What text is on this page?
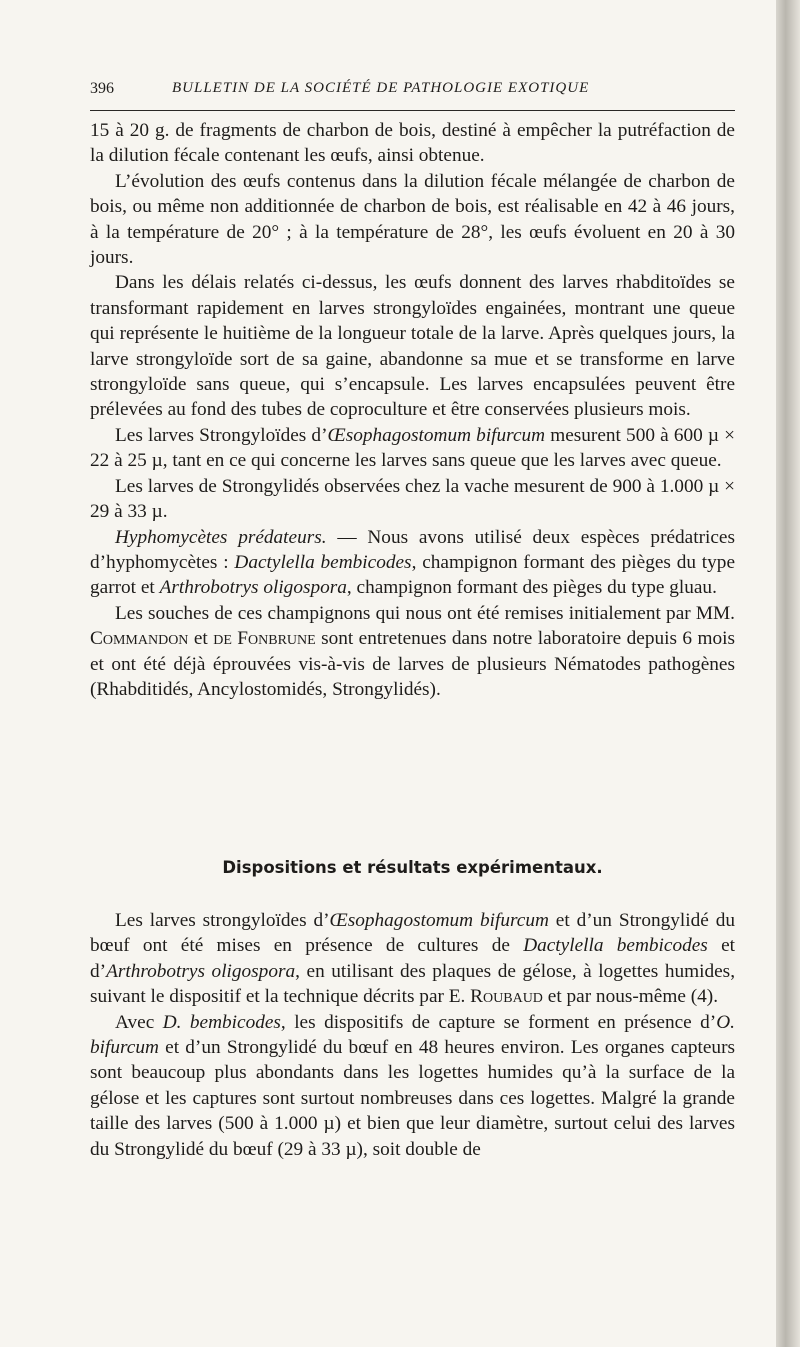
396	BULLETIN DE LA SOCIÉTÉ DE PATHOLOGIE EXOTIQUE

15 à 20 g. de fragments de charbon de bois, destiné à empêcher la putréfaction de la dilution fécale contenant les œufs, ainsi obtenue.

L’évolution des œufs contenus dans la dilution fécale mélangée de charbon de bois, ou même non additionnée de charbon de bois, est réalisable en 42 à 46 jours, à la température de 20° ; à la température de 28°, les œufs évoluent en 20 à 30 jours.

Dans les délais relatés ci-dessus, les œufs donnent des larves rhabditoïdes se transformant rapidement en larves strongyloïdes engainées, montrant une queue qui représente le huitième de la longueur totale de la larve. Après quelques jours, la larve strongyloïde sort de sa gaine, abandonne sa mue et se transforme en larve strongyloïde sans queue, qui s’encapsule. Les larves encapsulées peuvent être prélevées au fond des tubes de coproculture et être conservées plusieurs mois.

Les larves Strongyloïdes d’Œsophagostomum bifurcum mesurent 500 à 600 µ × 22 à 25 µ, tant en ce qui concerne les larves sans queue que les larves avec queue.

Les larves de Strongylidés observées chez la vache mesurent de 900 à 1.000 µ × 29 à 33 µ.

Hyphomycètes prédateurs. — Nous avons utilisé deux espèces prédatrices d’hyphomycètes : Dactylella bembicodes, champignon formant des pièges du type garrot et Arthrobotrys oligospora, champignon formant des pièges du type gluau.

Les souches de ces champignons qui nous ont été remises initialement par MM. Commandon et de Fonbrune sont entretenues dans notre laboratoire depuis 6 mois et ont été déjà éprouvées vis-à-vis de larves de plusieurs Nématodes pathogènes (Rhabditidés, Ancylostomidés, Strongylidés).

Dispositions et résultats expérimentaux.

Les larves strongyloïdes d’Œsophagostomum bifurcum et d’un Strongylidé du bœuf ont été mises en présence de cultures de Dactylella bembicodes et d’Arthrobotrys oligospora, en utilisant des plaques de gélose, à logettes humides, suivant le dispositif et la technique décrits par E. Roubaud et par nous-même (4).

Avec D. bembicodes, les dispositifs de capture se forment en présence d’O. bifurcum et d’un Strongylidé du bœuf en 48 heures environ. Les organes capteurs sont beaucoup plus abondants dans les logettes humides qu’à la surface de la gélose et les captures sont surtout nombreuses dans ces logettes. Malgré la grande taille des larves (500 à 1.000 µ) et bien que leur diamètre, surtout celui des larves du Strongylidé du bœuf (29 à 33 µ), soit double de
